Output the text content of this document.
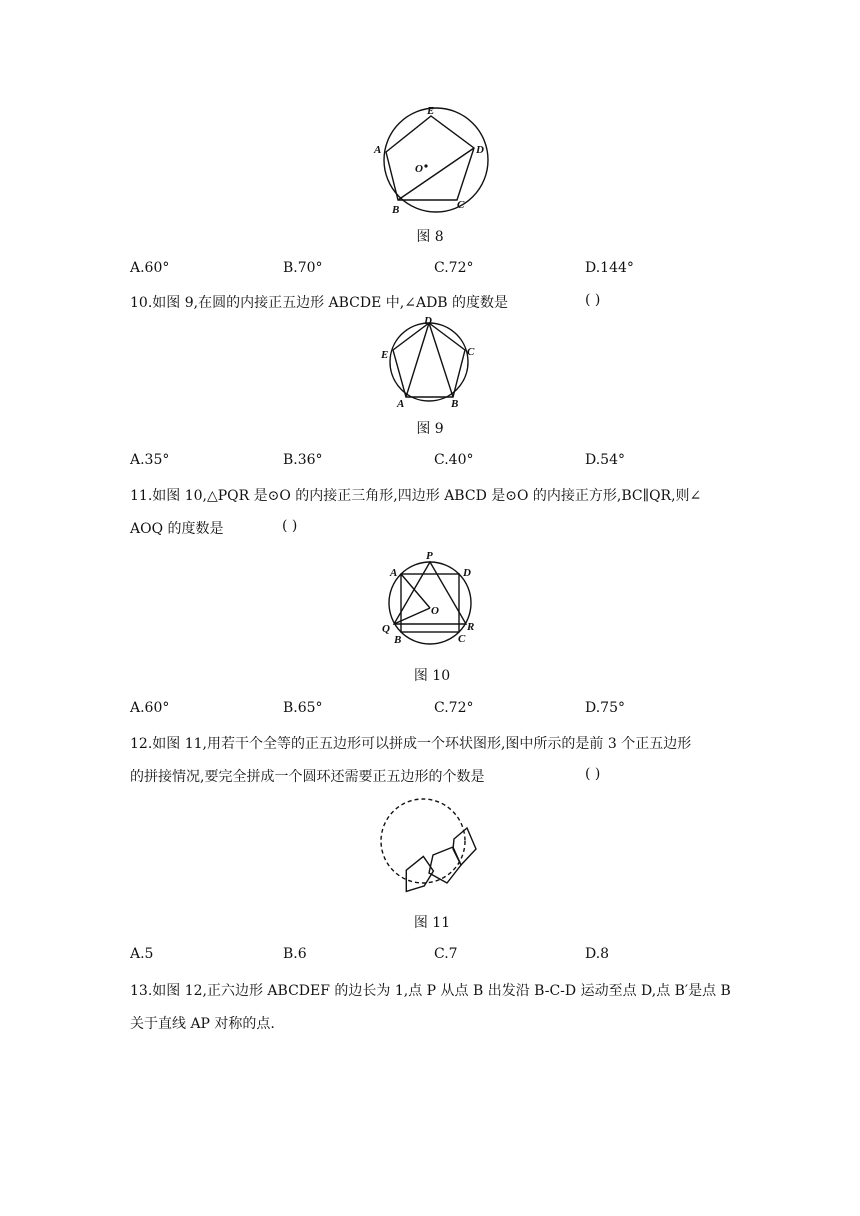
E
A	D
O
B	C
图 8
A.60°	B.70°	C.72°	D.144°
10.如图 9,在圆的内接正五边形 ABCDE 中,∠ADB 的度数是	( )
D
E	C
A	B
图 9
A.35°	B.36°	C.40°	D.54°
11.如图 10,△PQR 是⊙O 的内接正三角形,四边形 ABCD 是⊙O 的内接正方形,BC∥QR,则∠
AOQ 的度数是	( )
P
A	D
O
Q	R
B	C
图 10
A.60°	B.65°	C.72°	D.75°
12.如图 11,用若干个全等的正五边形可以拼成一个环状图形,图中所示的是前 3 个正五边形
的拼接情况,要完全拼成一个圆环还需要正五边形的个数是	( )
图 11
A.5	B.6	C.7	D.8
13.如图 12,正六边形 ABCDEF 的边长为 1,点 P 从点 B 出发沿 B-C-D 运动至点 D,点 B′是点 B
关于直线 AP 对称的点.
